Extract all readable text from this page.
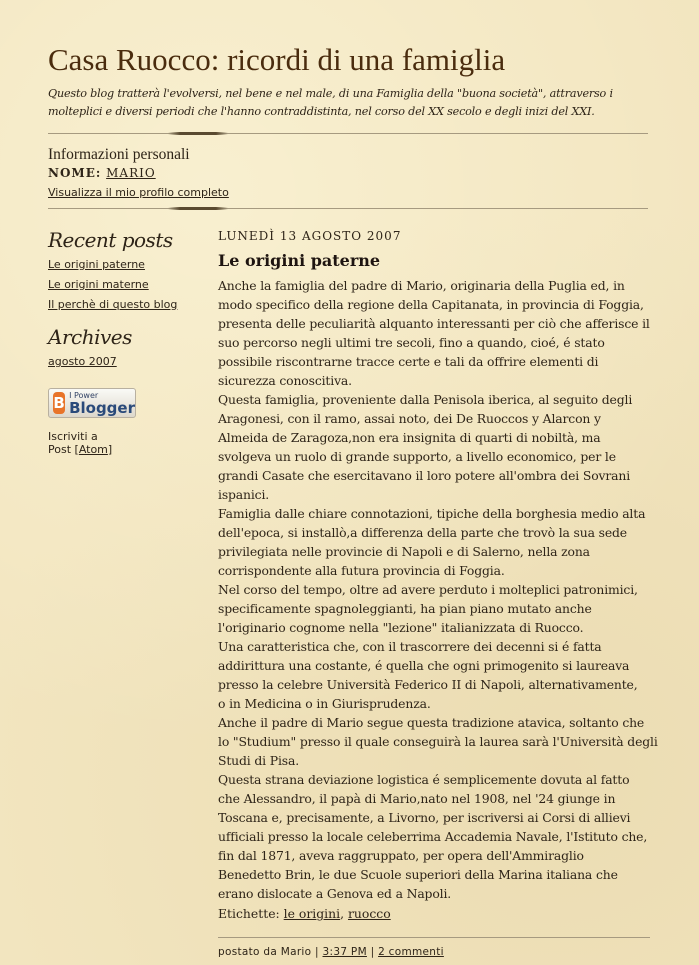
Casa Ruocco: ricordi di una famiglia
Questo blog tratterà l'evolversi, nel bene e nel male, di una Famiglia della "buona società", attraverso i
molteplici e diversi periodi che l'hanno contraddistinta, nel corso del XX secolo e degli inizi del XXI.
Informazioni personali
NOME: MARIO
Visualizza il mio profilo completo
Recent posts
Le origini paterne
Le origini materne
Il perchè di questo blog
Archives
agosto 2007
B I Power
Blogger
Iscriviti a
Post [Atom]
LUNEDÌ 13 AGOSTO 2007
Le origini paterne
Anche la famiglia del padre di Mario, originaria della Puglia ed, in
modo specifico della regione della Capitanata, in provincia di Foggia,
presenta delle peculiarità alquanto interessanti per ciò che afferisce il
suo percorso negli ultimi tre secoli, fino a quando, cioé, é stato
possibile riscontrarne tracce certe e tali da offrire elementi di
sicurezza conoscitiva.
Questa famiglia, proveniente dalla Penisola iberica, al seguito degli
Aragonesi, con il ramo, assai noto, dei De Ruoccos y Alarcon y
Almeida de Zaragoza,non era insignita di quarti di nobiltà, ma
svolgeva un ruolo di grande supporto, a livello economico, per le
grandi Casate che esercitavano il loro potere all'ombra dei Sovrani
ispanici.
Famiglia dalle chiare connotazioni, tipiche della borghesia medio alta
dell'epoca, si installò,a differenza della parte che trovò la sua sede
privilegiata nelle provincie di Napoli e di Salerno, nella zona
corrispondente alla futura provincia di Foggia.
Nel corso del tempo, oltre ad avere perduto i molteplici patronimici,
specificamente spagnoleggianti, ha pian piano mutato anche
l'originario cognome nella "lezione" italianizzata di Ruocco.
Una caratteristica che, con il trascorrere dei decenni si é fatta
addirittura una costante, é quella che ogni primogenito si laureava
presso la celebre Università Federico II di Napoli, alternativamente,
o in Medicina o in Giurisprudenza.
Anche il padre di Mario segue questa tradizione atavica, soltanto che
lo "Studium" presso il quale conseguirà la laurea sarà l'Università degli
Studi di Pisa.
Questa strana deviazione logistica é semplicemente dovuta al fatto
che Alessandro, il papà di Mario,nato nel 1908, nel '24 giunge in
Toscana e, precisamente, a Livorno, per iscriversi ai Corsi di allievi
ufficiali presso la locale celeberrima Accademia Navale, l'Istituto che,
fin dal 1871, aveva raggruppato, per opera dell'Ammiraglio
Benedetto Brin, le due Scuole superiori della Marina italiana che
erano dislocate a Genova ed a Napoli.
Etichette: le origini, ruocco
postato da Mario | 3:37 PM | 2 commenti
